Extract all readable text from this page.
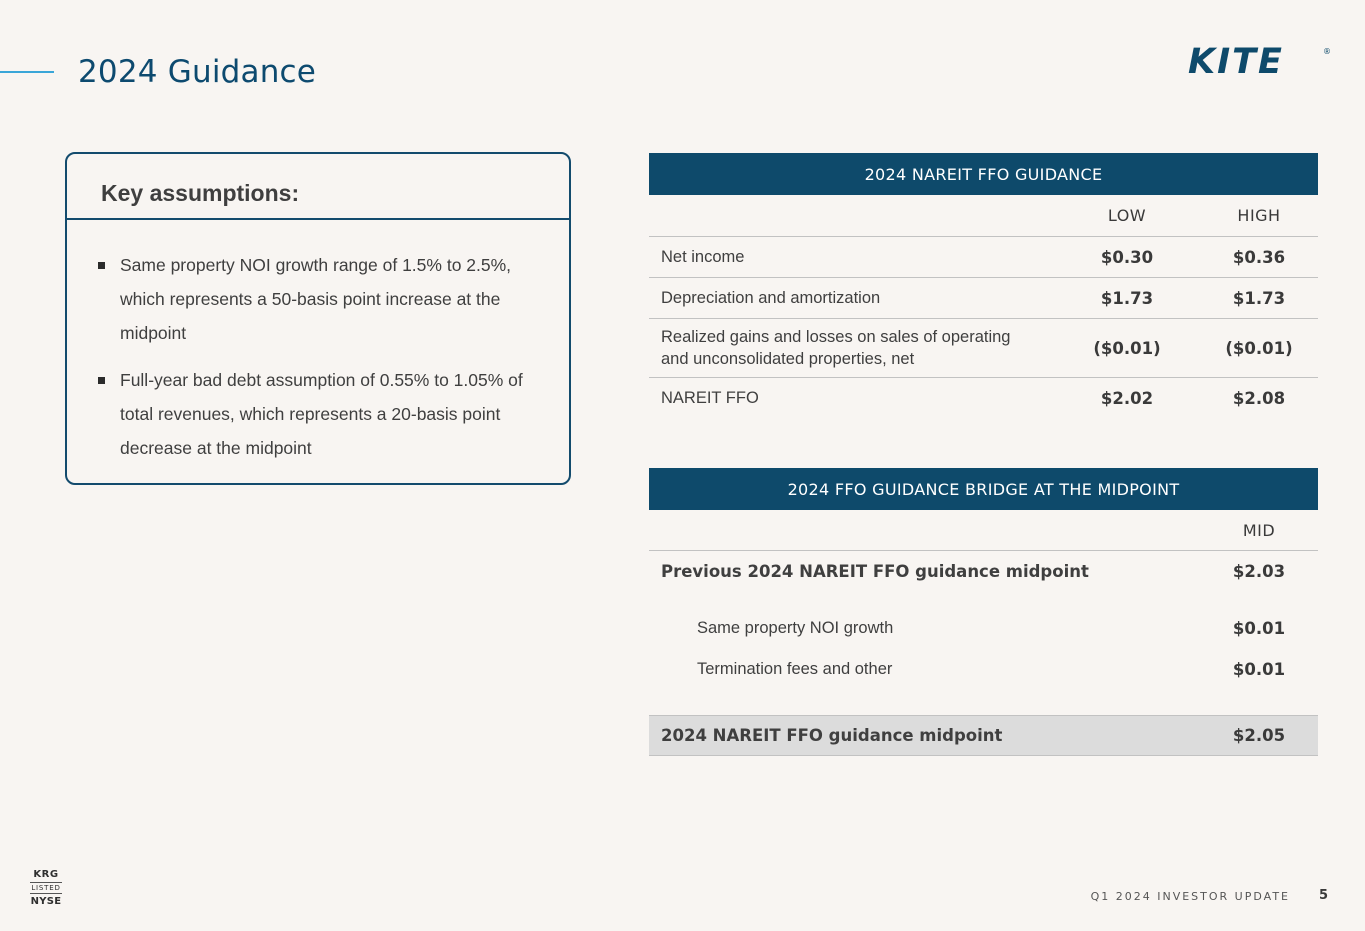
2024 Guidance	KITE	®
Key assumptions:
Same property NOI growth range of 1.5% to 2.5%, which represents a 50-basis point increase at the midpoint
Full-year bad debt assumption of 0.55% to 1.05% of total revenues, which represents a 20-basis point decrease at the midpoint
2024 NAREIT FFO GUIDANCE
LOW	HIGH
Net income	$0.30	$0.36
Depreciation and amortization	$1.73	$1.73
Realized gains and losses on sales of operating
and unconsolidated properties, net
($0.01)	($0.01)
NAREIT FFO	$2.02	$2.08
2024 FFO GUIDANCE BRIDGE AT THE MIDPOINT
MID
Previous 2024 NAREIT FFO guidance midpoint	$2.03
Same property NOI growth	$0.01
Termination fees and other	$0.01
2024 NAREIT FFO guidance midpoint	$2.05
KRG
LISTED
NYSE	Q1 2024 INVESTOR UPDATE 5
